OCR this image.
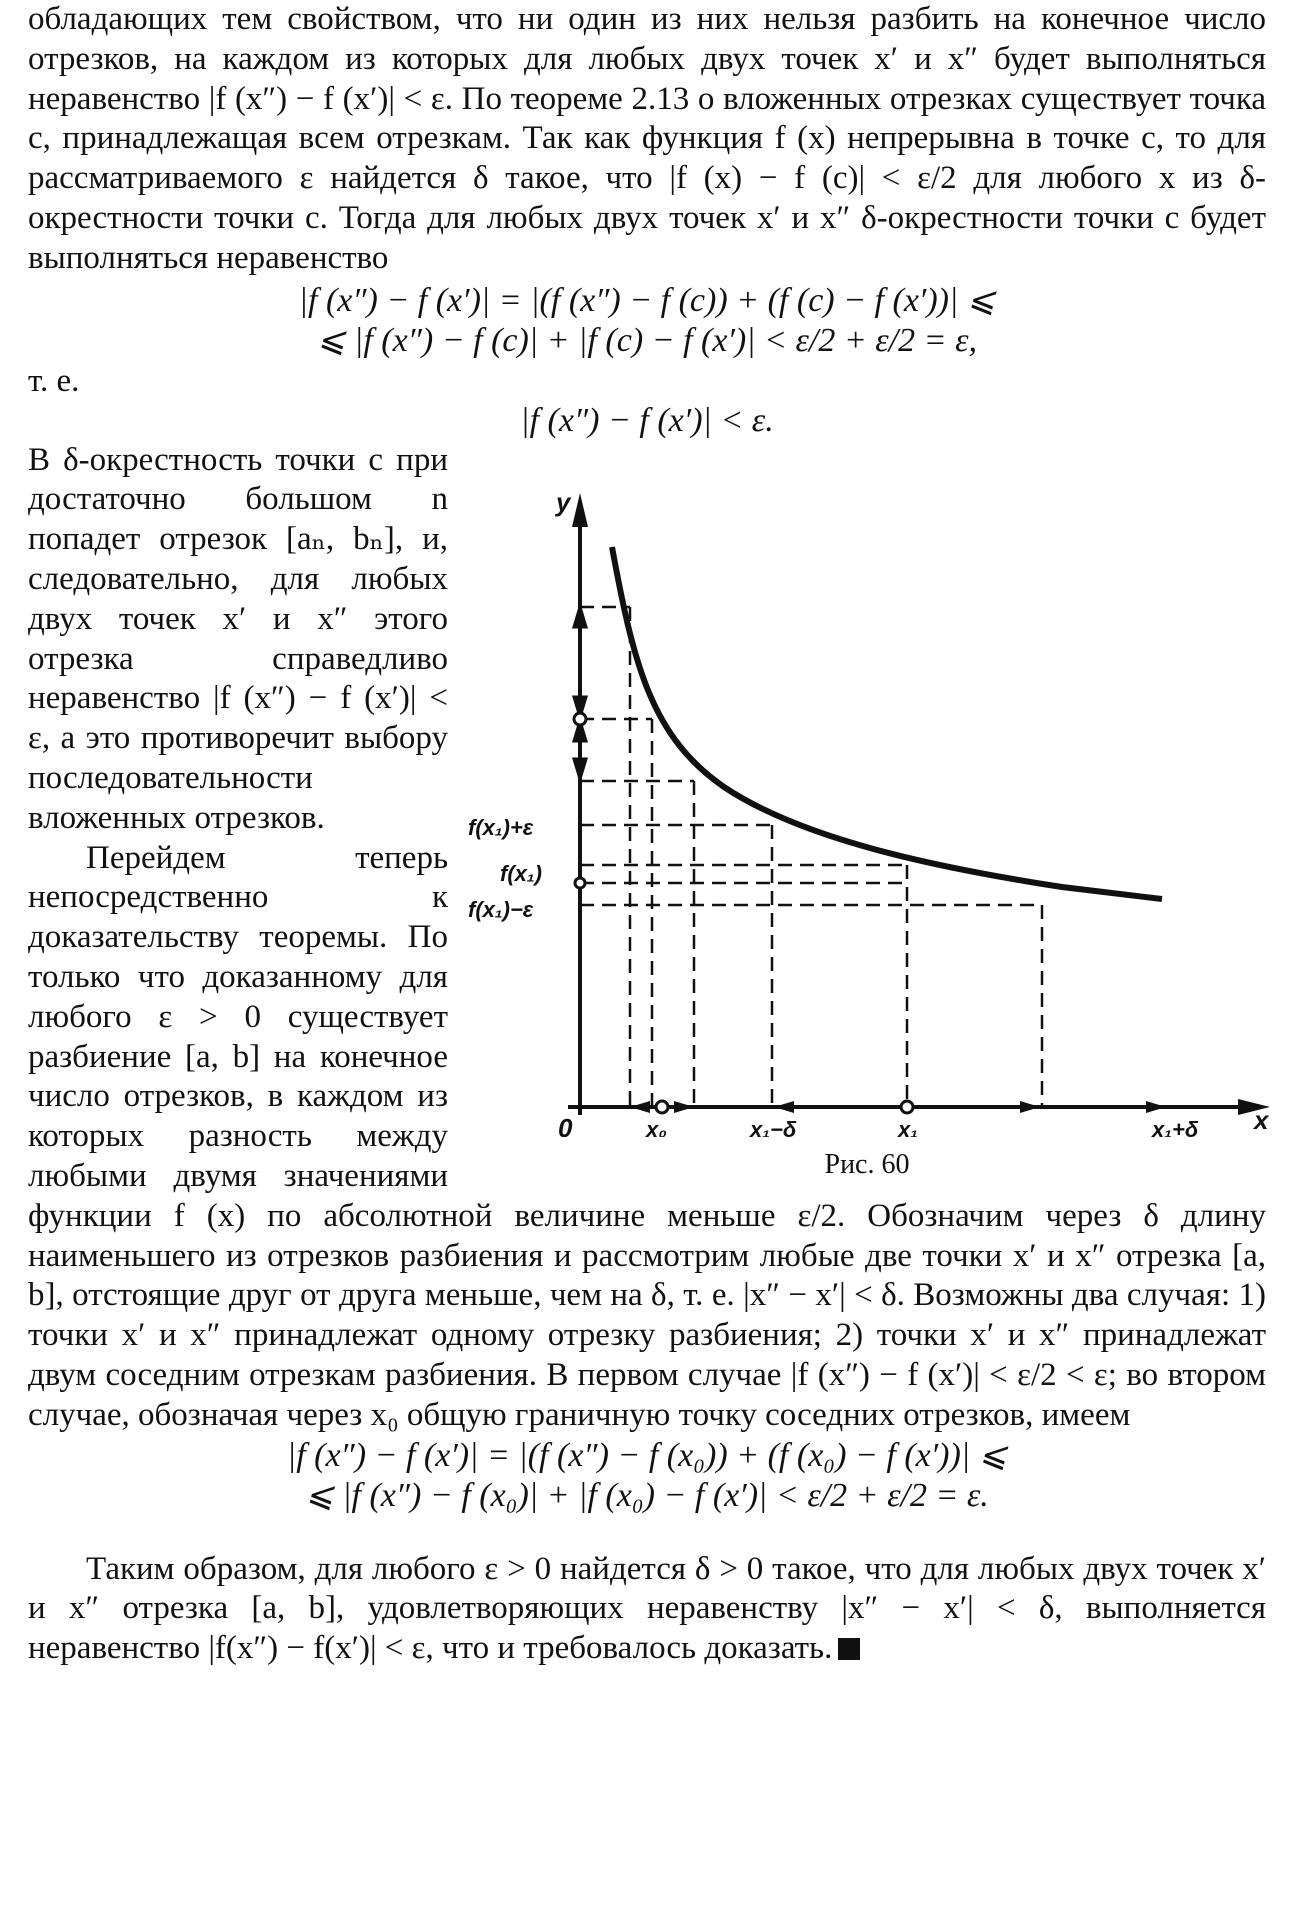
обладающих тем свойством, что ни один из них нельзя разбить на конечное число отрезков, на каждом из которых для любых двух точек x′ и x″ будет выполняться неравенство |f (x″) − f (x′)| < ε. По теореме 2.13 о вложенных отрезках существует точка c, принадлежащая всем отрезкам. Так как функция f (x) непрерывна в точке c, то для рассматриваемого ε найдется δ такое, что |f (x) − f (c)| < ε/2 для любого x из δ-окрестности точки c. Тогда для любых двух точек x′ и x″ δ-окрестности точки c будет выполняться неравенство

|f (x″) − f (x′)| = |(f (x″) − f (c)) + (f (c) − f (x′))| ⩽
⩽ |f (x″) − f (c)| + |f (c) − f (x′)| < ε/2 + ε/2 = ε,
т. е.
|f (x″) − f (x′)| < ε.
y
x
0
f(x₁)+ε
f(x₁)
f(x₁)−ε
x₀	x₁−δ	x₁	x₁+δ
Рис. 60

В δ-окрестность точки c при достаточно большом n попадет отрезок [aₙ, bₙ], и, следовательно, для любых двух точек x′ и x″ этого отрезка справедливо неравенство |f (x″) − f (x′)| < ε, а это противоречит выбору последовательности вложенных отрезков.

Перейдем теперь непосредственно к доказательству теоремы. По только что доказанному для любого ε > 0 существует разбиение [a, b] на конечное число отрезков, в каждом из которых разность между любыми двумя значениями функции f (x) по абсолютной величине меньше ε/2. Обозначим через δ длину наименьшего из отрезков разбиения и рассмотрим любые две точки x′ и x″ отрезка [a, b], отстоящие друг от друга меньше, чем на δ, т. е. |x″ − x′| < δ. Возможны два случая: 1) точки x′ и x″ принадлежат одному отрезку разбиения; 2) точки x′ и x″ принадлежат двум соседним отрезкам разбиения. В первом случае |f (x″) − f (x′)| < ε/2 < ε; во втором случае, обозначая через x₀ общую граничную точку соседних отрезков, имеем

|f (x″) − f (x′)| = |(f (x″) − f (x₀)) + (f (x₀) − f (x′))| ⩽
⩽ |f (x″) − f (x₀)| + |f (x₀) − f (x′)| < ε/2 + ε/2 = ε.

Таким образом, для любого ε > 0 найдется δ > 0 такое, что для любых двух точек x′ и x″ отрезка [a, b], удовлетворяющих неравенству |x″ − x′| < δ, выполняется неравенство |f(x″) − f(x′)| < ε, что и требовалось доказать.
